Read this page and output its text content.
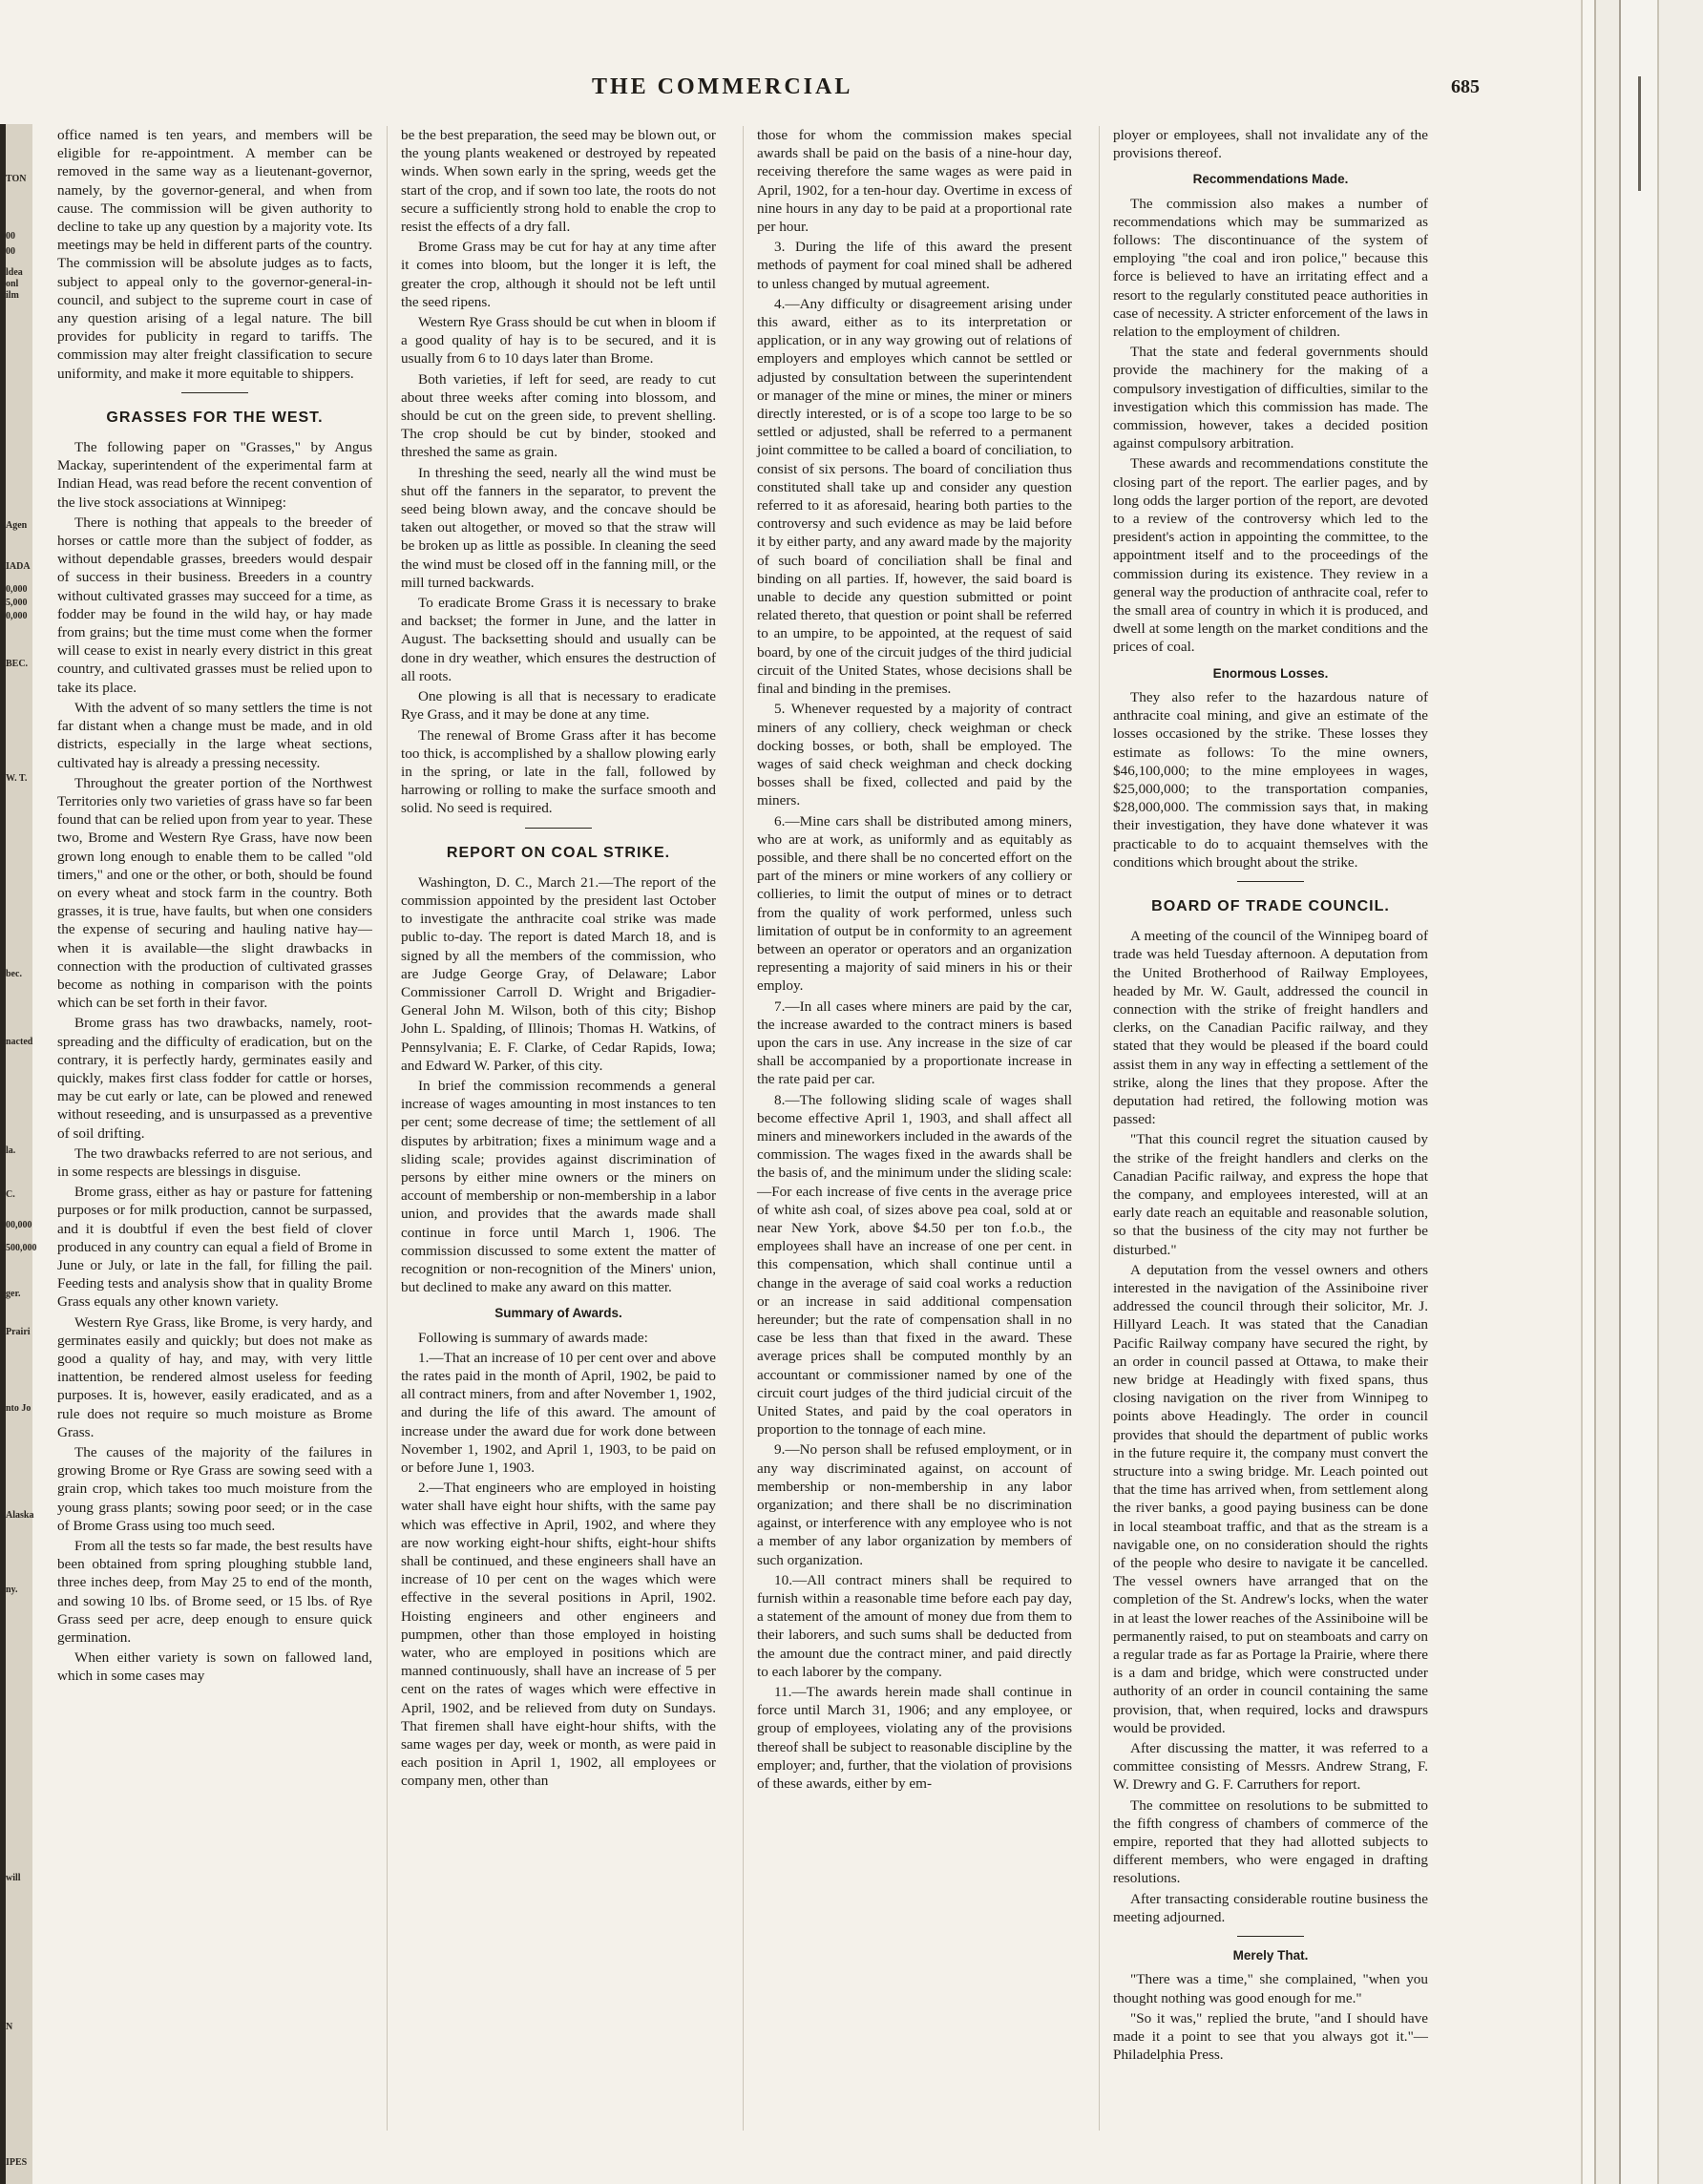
TON
00
00
ldea
onl
ilm
Agen
IADA
0,000
5,000
0,000
BEC.
W. T.
bec.
nacted
la.
C.
00,000
500,000
ger.
Prairi
nto Jo
Alaska
ny.
will
N
IPES
THE COMMERCIAL	685

office named is ten years, and members will be eligible for re-appointment. A member can be removed in the same way as a lieutenant-governor, namely, by the governor-general, and when from cause. The commission will be given authority to decline to take up any question by a majority vote. Its meetings may be held in different parts of the country. The commission will be absolute judges as to facts, subject to appeal only to the governor-general-in-council, and subject to the supreme court in case of any question arising of a legal nature. The bill provides for publicity in regard to tariffs. The commission may alter freight classification to secure uniformity, and make it more equitable to shippers.

GRASSES FOR THE WEST.

The following paper on "Grasses," by Angus Mackay, superintendent of the experimental farm at Indian Head, was read before the recent convention of the live stock associations at Winnipeg:

There is nothing that appeals to the breeder of horses or cattle more than the subject of fodder, as without dependable grasses, breeders would despair of success in their business. Breeders in a country without cultivated grasses may succeed for a time, as fodder may be found in the wild hay, or hay made from grains; but the time must come when the former will cease to exist in nearly every district in this great country, and cultivated grasses must be relied upon to take its place.

With the advent of so many settlers the time is not far distant when a change must be made, and in old districts, especially in the large wheat sections, cultivated hay is already a pressing necessity.

Throughout the greater portion of the Northwest Territories only two varieties of grass have so far been found that can be relied upon from year to year. These two, Brome and Western Rye Grass, have now been grown long enough to enable them to be called "old timers," and one or the other, or both, should be found on every wheat and stock farm in the country. Both grasses, it is true, have faults, but when one considers the expense of securing and hauling native hay—when it is available—the slight drawbacks in connection with the production of cultivated grasses become as nothing in comparison with the points which can be set forth in their favor.

Brome grass has two drawbacks, namely, root-spreading and the difficulty of eradication, but on the contrary, it is perfectly hardy, germinates easily and quickly, makes first class fodder for cattle or horses, may be cut early or late, can be plowed and renewed without reseeding, and is unsurpassed as a preventive of soil drifting.

The two drawbacks referred to are not serious, and in some respects are blessings in disguise.

Brome grass, either as hay or pasture for fattening purposes or for milk production, cannot be surpassed, and it is doubtful if even the best field of clover produced in any country can equal a field of Brome in June or July, or late in the fall, for filling the pail. Feeding tests and analysis show that in quality Brome Grass equals any other known variety.

Western Rye Grass, like Brome, is very hardy, and germinates easily and quickly; but does not make as good a quality of hay, and may, with very little inattention, be rendered almost useless for feeding purposes. It is, however, easily eradicated, and as a rule does not require so much moisture as Brome Grass.

The causes of the majority of the failures in growing Brome or Rye Grass are sowing seed with a grain crop, which takes too much moisture from the young grass plants; sowing poor seed; or in the case of Brome Grass using too much seed.

From all the tests so far made, the best results have been obtained from spring ploughing stubble land, three inches deep, from May 25 to end of the month, and sowing 10 lbs. of Brome seed, or 15 lbs. of Rye Grass seed per acre, deep enough to ensure quick germination.

When either variety is sown on fallowed land, which in some cases may

be the best preparation, the seed may be blown out, or the young plants weakened or destroyed by repeated winds. When sown early in the spring, weeds get the start of the crop, and if sown too late, the roots do not secure a sufficiently strong hold to enable the crop to resist the effects of a dry fall.

Brome Grass may be cut for hay at any time after it comes into bloom, but the longer it is left, the greater the crop, although it should not be left until the seed ripens.

Western Rye Grass should be cut when in bloom if a good quality of hay is to be secured, and it is usually from 6 to 10 days later than Brome.

Both varieties, if left for seed, are ready to cut about three weeks after coming into blossom, and should be cut on the green side, to prevent shelling. The crop should be cut by binder, stooked and threshed the same as grain.

In threshing the seed, nearly all the wind must be shut off the fanners in the separator, to prevent the seed being blown away, and the concave should be taken out altogether, or moved so that the straw will be broken up as little as possible. In cleaning the seed the wind must be closed off in the fanning mill, or the mill turned backwards.

To eradicate Brome Grass it is necessary to brake and backset; the former in June, and the latter in August. The backsetting should and usually can be done in dry weather, which ensures the destruction of all roots.

One plowing is all that is necessary to eradicate Rye Grass, and it may be done at any time.

The renewal of Brome Grass after it has become too thick, is accomplished by a shallow plowing early in the spring, or late in the fall, followed by harrowing or rolling to make the surface smooth and solid. No seed is required.

REPORT ON COAL STRIKE.

Washington, D. C., March 21.—The report of the commission appointed by the president last October to investigate the anthracite coal strike was made public to-day. The report is dated March 18, and is signed by all the members of the commission, who are Judge George Gray, of Delaware; Labor Commissioner Carroll D. Wright and Brigadier-General John M. Wilson, both of this city; Bishop John L. Spalding, of Illinois; Thomas H. Watkins, of Pennsylvania; E. F. Clarke, of Cedar Rapids, Iowa; and Edward W. Parker, of this city.

In brief the commission recommends a general increase of wages amounting in most instances to ten per cent; some decrease of time; the settlement of all disputes by arbitration; fixes a minimum wage and a sliding scale; provides against discrimination of persons by either mine owners or the miners on account of membership or non-membership in a labor union, and provides that the awards made shall continue in force until March 1, 1906. The commission discussed to some extent the matter of recognition or non-recognition of the Miners' union, but declined to make any award on this matter.

Summary of Awards.

Following is summary of awards made:

1.—That an increase of 10 per cent over and above the rates paid in the month of April, 1902, be paid to all contract miners, from and after November 1, 1902, and during the life of this award. The amount of increase under the award due for work done between November 1, 1902, and April 1, 1903, to be paid on or before June 1, 1903.

2.—That engineers who are employed in hoisting water shall have eight hour shifts, with the same pay which was effective in April, 1902, and where they are now working eight-hour shifts, eight-hour shifts shall be continued, and these engineers shall have an increase of 10 per cent on the wages which were effective in the several positions in April, 1902. Hoisting engineers and other engineers and pumpmen, other than those employed in hoisting water, who are employed in positions which are manned continuously, shall have an increase of 5 per cent on the rates of wages which were effective in April, 1902, and be relieved from duty on Sundays. That firemen shall have eight-hour shifts, with the same wages per day, week or month, as were paid in each position in April 1, 1902, all employees or company men, other than

those for whom the commission makes special awards shall be paid on the basis of a nine-hour day, receiving therefore the same wages as were paid in April, 1902, for a ten-hour day. Overtime in excess of nine hours in any day to be paid at a proportional rate per hour.

3. During the life of this award the present methods of payment for coal mined shall be adhered to unless changed by mutual agreement.

4.—Any difficulty or disagreement arising under this award, either as to its interpretation or application, or in any way growing out of relations of employers and employes which cannot be settled or adjusted by consultation between the superintendent or manager of the mine or mines, the miner or miners directly interested, or is of a scope too large to be so settled or adjusted, shall be referred to a permanent joint committee to be called a board of conciliation, to consist of six persons. The board of conciliation thus constituted shall take up and consider any question referred to it as aforesaid, hearing both parties to the controversy and such evidence as may be laid before it by either party, and any award made by the majority of such board of conciliation shall be final and binding on all parties. If, however, the said board is unable to decide any question submitted or point related thereto, that question or point shall be referred to an umpire, to be appointed, at the request of said board, by one of the circuit judges of the third judicial circuit of the United States, whose decisions shall be final and binding in the premises.

5. Whenever requested by a majority of contract miners of any colliery, check weighman or check docking bosses, or both, shall be employed. The wages of said check weighman and check docking bosses shall be fixed, collected and paid by the miners.

6.—Mine cars shall be distributed among miners, who are at work, as uniformly and as equitably as possible, and there shall be no concerted effort on the part of the miners or mine workers of any colliery or collieries, to limit the output of mines or to detract from the quality of work performed, unless such limitation of output be in conformity to an agreement between an operator or operators and an organization representing a majority of said miners in his or their employ.

7.—In all cases where miners are paid by the car, the increase awarded to the contract miners is based upon the cars in use. Any increase in the size of car shall be accompanied by a proportionate increase in the rate paid per car.

8.—The following sliding scale of wages shall become effective April 1, 1903, and shall affect all miners and mineworkers included in the awards of the commission. The wages fixed in the awards shall be the basis of, and the minimum under the sliding scale:—For each increase of five cents in the average price of white ash coal, of sizes above pea coal, sold at or near New York, above $4.50 per ton f.o.b., the employees shall have an increase of one per cent. in this compensation, which shall continue until a change in the average of said coal works a reduction or an increase in said additional compensation hereunder; but the rate of compensation shall in no case be less than that fixed in the award. These average prices shall be computed monthly by an accountant or commissioner named by one of the circuit court judges of the third judicial circuit of the United States, and paid by the coal operators in proportion to the tonnage of each mine.

9.—No person shall be refused employment, or in any way discriminated against, on account of membership or non-membership in any labor organization; and there shall be no discrimination against, or interference with any employee who is not a member of any labor organization by members of such organization.

10.—All contract miners shall be required to furnish within a reasonable time before each pay day, a statement of the amount of money due from them to their laborers, and such sums shall be deducted from the amount due the contract miner, and paid directly to each laborer by the company.

11.—The awards herein made shall continue in force until March 31, 1906; and any employee, or group of employees, violating any of the provisions thereof shall be subject to reasonable discipline by the employer; and, further, that the violation of provisions of these awards, either by em-

ployer or employees, shall not invalidate any of the provisions thereof.

Recommendations Made.

The commission also makes a number of recommendations which may be summarized as follows: The discontinuance of the system of employing "the coal and iron police," because this force is believed to have an irritating effect and a resort to the regularly constituted peace authorities in case of necessity. A stricter enforcement of the laws in relation to the employment of children.

That the state and federal governments should provide the machinery for the making of a compulsory investigation of difficulties, similar to the investigation which this commission has made. The commission, however, takes a decided position against compulsory arbitration.

These awards and recommendations constitute the closing part of the report. The earlier pages, and by long odds the larger portion of the report, are devoted to a review of the controversy which led to the president's action in appointing the committee, to the appointment itself and to the proceedings of the commission during its existence. They review in a general way the production of anthracite coal, refer to the small area of country in which it is produced, and dwell at some length on the market conditions and the prices of coal.

Enormous Losses.

They also refer to the hazardous nature of anthracite coal mining, and give an estimate of the losses occasioned by the strike. These losses they estimate as follows: To the mine owners, $46,100,000; to the mine employees in wages, $25,000,000; to the transportation companies, $28,000,000. The commission says that, in making their investigation, they have done whatever it was practicable to do to acquaint themselves with the conditions which brought about the strike.

BOARD OF TRADE COUNCIL.

A meeting of the council of the Winnipeg board of trade was held Tuesday afternoon. A deputation from the United Brotherhood of Railway Employees, headed by Mr. W. Gault, addressed the council in connection with the strike of freight handlers and clerks, on the Canadian Pacific railway, and they stated that they would be pleased if the board could assist them in any way in effecting a settlement of the strike, along the lines that they propose. After the deputation had retired, the following motion was passed:

"That this council regret the situation caused by the strike of the freight handlers and clerks on the Canadian Pacific railway, and express the hope that the company, and employees interested, will at an early date reach an equitable and reasonable solution, so that the business of the city may not further be disturbed."

A deputation from the vessel owners and others interested in the navigation of the Assiniboine river addressed the council through their solicitor, Mr. J. Hillyard Leach. It was stated that the Canadian Pacific Railway company have secured the right, by an order in council passed at Ottawa, to make their new bridge at Headingly with fixed spans, thus closing navigation on the river from Winnipeg to points above Headingly. The order in council provides that should the department of public works in the future require it, the company must convert the structure into a swing bridge. Mr. Leach pointed out that the time has arrived when, from settlement along the river banks, a good paying business can be done in local steamboat traffic, and that as the stream is a navigable one, on no consideration should the rights of the people who desire to navigate it be cancelled. The vessel owners have arranged that on the completion of the St. Andrew's locks, when the water in at least the lower reaches of the Assiniboine will be permanently raised, to put on steamboats and carry on a regular trade as far as Portage la Prairie, where there is a dam and bridge, which were constructed under authority of an order in council containing the same provision, that, when required, locks and drawspurs would be provided.

After discussing the matter, it was referred to a committee consisting of Messrs. Andrew Strang, F. W. Drewry and G. F. Carruthers for report.

The committee on resolutions to be submitted to the fifth congress of chambers of commerce of the empire, reported that they had allotted subjects to different members, who were engaged in drafting resolutions.

After transacting considerable routine business the meeting adjourned.

Merely That.

"There was a time," she complained, "when you thought nothing was good enough for me."

"So it was," replied the brute, "and I should have made it a point to see that you always got it."—Philadelphia Press.
